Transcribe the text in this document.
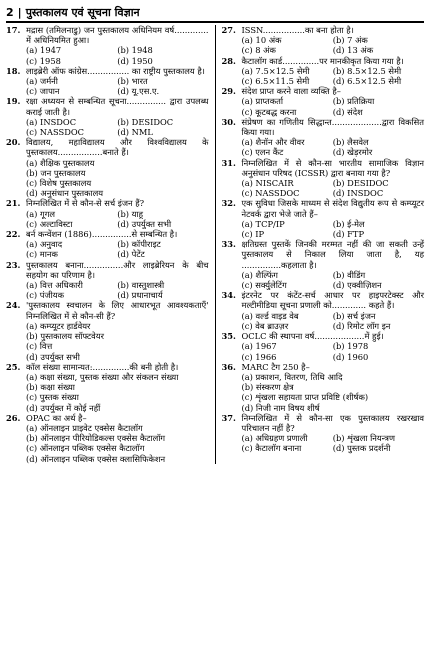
2 | पुस्तकालय एवं सूचना विज्ञान
17. मद्रास (तमिलनाडु) जन पुस्तकालय अधिनियम वर्ष............. में अधिनियमित हुआ।
(a) 1947	(b) 1948
(c) 1958	(d) 1950
18. लाइब्रेरी ऑफ कांग्रेस................ का राष्ट्रीय पुस्तकालय है।
(a) जर्मनी	(b) भारत
(c) जापान	(d) यू.एस.ए.
19. रक्षा अध्ययन से सम्बन्धित सूचना............... द्वारा उपलब्ध कराई जाती है।
(a) INSDOC	(b) DESIDOC
(c) NASSDOC	(d) NML
20. विद्यालय, महाविद्यालय और विश्वविद्यालय के पुस्तकालय.................बनाते हैं।
(a) शैक्षिक पुस्तकालय
(b) जन पुस्तकालय
(c) विशेष पुस्तकालय
(d) अनुसंधान पुस्तकालय
21. निम्नलिखित में से कौन-से सर्च इंजन हैं?
(a) गूगल	(b) याहू
(c) अल्टाविस्टा	(d) उपर्युक्त सभी
22. बर्न कन्वेंशन (1886)...............से सम्बन्धित है।
(a) अनुवाद	(b) कॉपीराइट
(c) मानक	(d) पेटेंट
23. पुस्तकालय बनाना...............और लाइब्रेरियन के बीच सहयोग का परिणाम है।
(a) वित्त अधिकारी	(b) वास्तुशास्त्री
(c) पंजीयक	(d) प्रधानाचार्य
24. 'पुस्तकालय स्वचालन के लिए आधारभूत आवश्यकताएँ' निम्नलिखित में से कौन-सी हैं?
(a) कम्प्यूटर हार्डवेयर
(b) पुस्तकालय सॉफ्टवेयर
(c) वित्त
(d) उपर्युक्त सभी
25. कॉल संख्या सामान्यत:..............की बनी होती है।
(a) कक्षा संख्या, पुस्तक संख्या और संकलन संख्या
(b) कक्षा संख्या
(c) पुस्तक संख्या
(d) उपर्युक्त में कोई नहीं
26. OPAC का अर्थ है–
(a) ऑनलाइन प्राइवेट एक्सेस कैटालॉग
(b) ऑनलाइन पीरियोडिकल्स एक्सेस कैटालॉग
(c) ऑनलाइन पब्लिक एक्सेस कैटालॉग
(d) ऑनलाइन पब्लिक एक्सेस क्लासिफिकेशन
27. ISSN................का बना होता है।
(a) 10 अंक	(b) 7 अंक
(c) 8 अंक	(d) 13 अंक
28. कैटालॉग कार्ड..............पर मानकीकृत किया गया है।
(a) 7.5×12.5 सेमी	(b) 8.5×12.5 सेमी
(c) 6.5×11.5 सेमी	(d) 6.5×12.5 सेमी
29. संदेश प्राप्त करने वाला व्यक्ति है–
(a) प्राप्तकर्ता	(b) प्रतिक्रिया
(c) कूटबद्ध करना	(d) संदेश
30. संप्रेषण का गणितीय सिद्धान्त...................द्वारा विकसित किया गया।
(a) शैनॉन और वीवर	(b) लैसवेल
(c) एलन कैंट	(d) खेड़रमोर
31. निम्नलिखित में से कौन-सा भारतीय सामाजिक विज्ञान अनुसंधान परिषद (ICSSR) द्वारा बनाया गया है?
(a) NISCAIR	(b) DESIDOC
(c) NASSDOC	(d) INSDOC
32. एक सुविधा जिसके माध्यम से संदेश विद्युतीय रूप से कम्प्यूटर नेटवर्क द्वारा भेजे जाते हैं–
(a) TCP/IP	(b) ई-मेल
(c) IP	(d) FTP
33. क्षतिग्रस्त पुस्तकें जिनकी मरम्मत नहीं की जा सकती उन्हें पुस्तकालय से निकाल लिया जाता है, यह ...............कहलाता है।
(a) शैल्फिंग	(b) वीडिंग
(c) सर्क्युलेटिंग	(d) एक्वीज़िशन
34. इंटरनेट पर कंटेंट-सर्च आधार पर हाइपरटेक्स्ट और मल्टीमीडिया सूचना प्रणाली को............. कहते हैं।
(a) वर्ल्ड वाइड वेब	(b) सर्च इंजन
(c) वेब ब्राउज़र	(d) रिमोट लॉग इन
35. OCLC की स्थापना वर्ष...................में हुई।
(a) 1967	(b) 1978
(c) 1966	(d) 1960
36. MARC टैग 250 है–
(a) प्रकाशन, वितरण, तिथि आदि
(b) संस्करण क्षेत्र
(c) शृंखला सहायता प्राप्त प्रविष्टि (शीर्षक)
(d) निजी नाम विषय शीर्ष
37. निम्नलिखित में से कौन-सा एक पुस्तकालय रखरखाव परिचालन नहीं है?
(a) अधिग्रहण प्रणाली	(b) शृंखला नियन्त्रण
(c) कैटालॉग बनाना	(d) पुस्तक प्रदर्शनी
